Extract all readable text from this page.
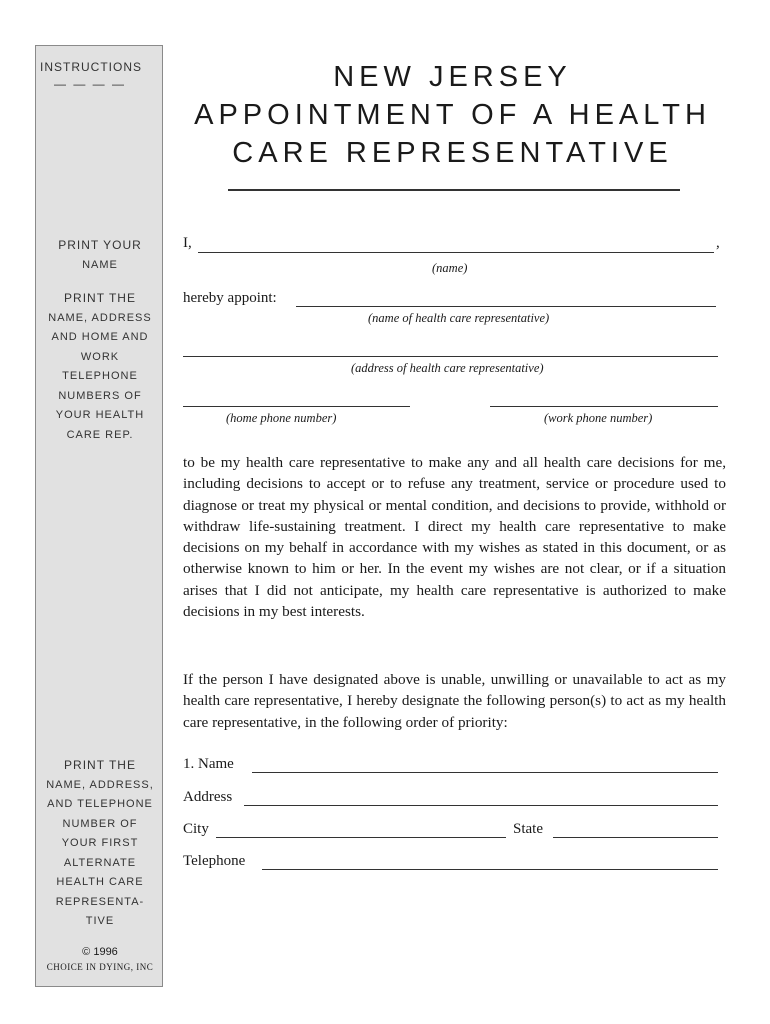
INSTRUCTIONS
— — — —
PRINT YOUR
NAME
PRINT THE
NAME, ADDRESS
AND HOME AND
WORK
TELEPHONE
NUMBERS OF
YOUR HEALTH
CARE REP.
PRINT THE
NAME, ADDRESS,
AND TELEPHONE
NUMBER OF
YOUR FIRST
ALTERNATE
HEALTH CARE
REPRESENTA-
TIVE
© 1996
CHOICE IN DYING, INC
NEW JERSEY
APPOINTMENT OF A HEALTH
CARE REPRESENTATIVE
I,	,
(name)
hereby appoint:
(name of health care representative)
(address of health care representative)
(home phone number)	(work phone number)

to be my health care representative to make any and all health care decisions for me, including decisions to accept or to refuse any treatment, service or procedure used to diagnose or treat my physical or mental condition, and decisions to provide, withhold or withdraw life-sustaining treatment. I direct my health care representative to make decisions on my behalf in accordance with my wishes as stated in this document, or as otherwise known to him or her. In the event my wishes are not clear, or if a situation arises that I did not anticipate, my health care representative is authorized to make decisions in my best interests.

If the person I have designated above is unable, unwilling or unavailable to act as my health care representative, I hereby designate the following person(s) to act as my health care representative, in the following order of priority:

1. Name
Address
City	State
Telephone
